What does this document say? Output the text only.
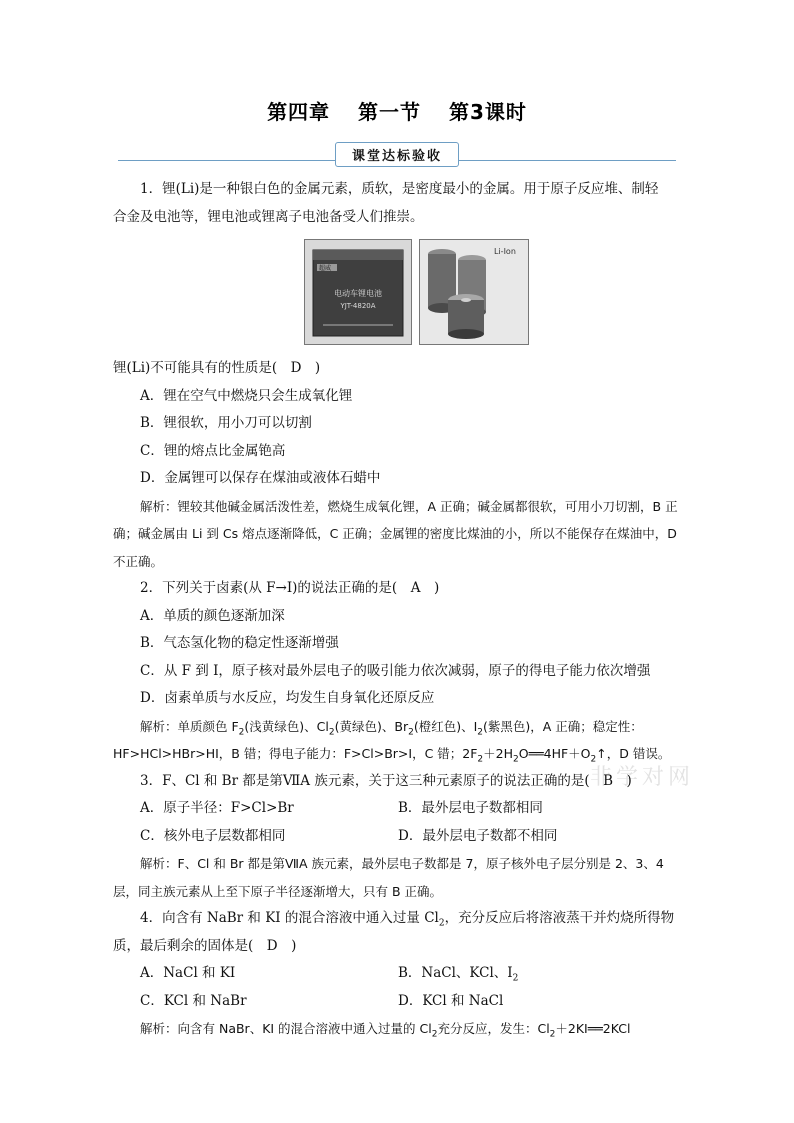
第四章 第一节 第3课时
课堂达标验收
非学对网

1．锂(Li)是一种银白色的金属元素，质软，是密度最小的金属。用于原子反应堆、制轻

合金及电池等，锂电池或锂离子电池备受人们推崇。

超威
电动车锂电池
YJT-4820A
Li-Ion

锂(Li)不可能具有的性质是(　D　)

A．锂在空气中燃烧只会生成氧化锂

B．锂很软，用小刀可以切割

C．锂的熔点比金属铯高

D．金属锂可以保存在煤油或液体石蜡中

解析：锂较其他碱金属活泼性差，燃烧生成氧化锂，A 正确；碱金属都很软，可用小刀切割，B 正确；碱金属由 Li 到 Cs 熔点逐渐降低，C 正确；金属锂的密度比煤油的小，所以不能保存在煤油中，D 不正确。

2．下列关于卤素(从 F→I)的说法正确的是(　A　)

A．单质的颜色逐渐加深

B．气态氢化物的稳定性逐渐增强

C．从 F 到 I，原子核对最外层电子的吸引能力依次减弱，原子的得电子能力依次增强

D．卤素单质与水反应，均发生自身氧化还原反应

解析：单质颜色 $F_2$(浅黄绿色)、$Cl_2$(黄绿色)、$Br_2$(橙红色)、$I_2$(紫黑色)，A 正确；稳定性：HF>HCl>HBr>HI，B 错；得电子能力：F>Cl>Br>I，C 错；$2F_2+2H_2O══4HF+O_2↑$，D 错误。

3．F、Cl 和 Br 都是第ⅦA 族元素，关于这三种元素原子的说法正确的是(　B　)

A．原子半径：F>Cl>Br	B．最外层电子数都相同
C．核外电子层数都相同	D．最外层电子数都不相同

解析：F、Cl 和 Br 都是第ⅦA 族元素，最外层电子数都是 7，原子核外电子层分别是 2、3、4 层，同主族元素从上至下原子半径逐渐增大，只有 B 正确。

4．向含有 NaBr 和 KI 的混合溶液中通入过量 $Cl_2$，充分反应后将溶液蒸干并灼烧所得物质，最后剩余的固体是(　D　)

A．NaCl 和 KI	B．NaCl、KCl、$I_2$
C．KCl 和 NaBr	D．KCl 和 NaCl

解析：向含有 NaBr、KI 的混合溶液中通入过量的 $Cl_2$充分反应，发生：$Cl_2+2KI══2KCl$
